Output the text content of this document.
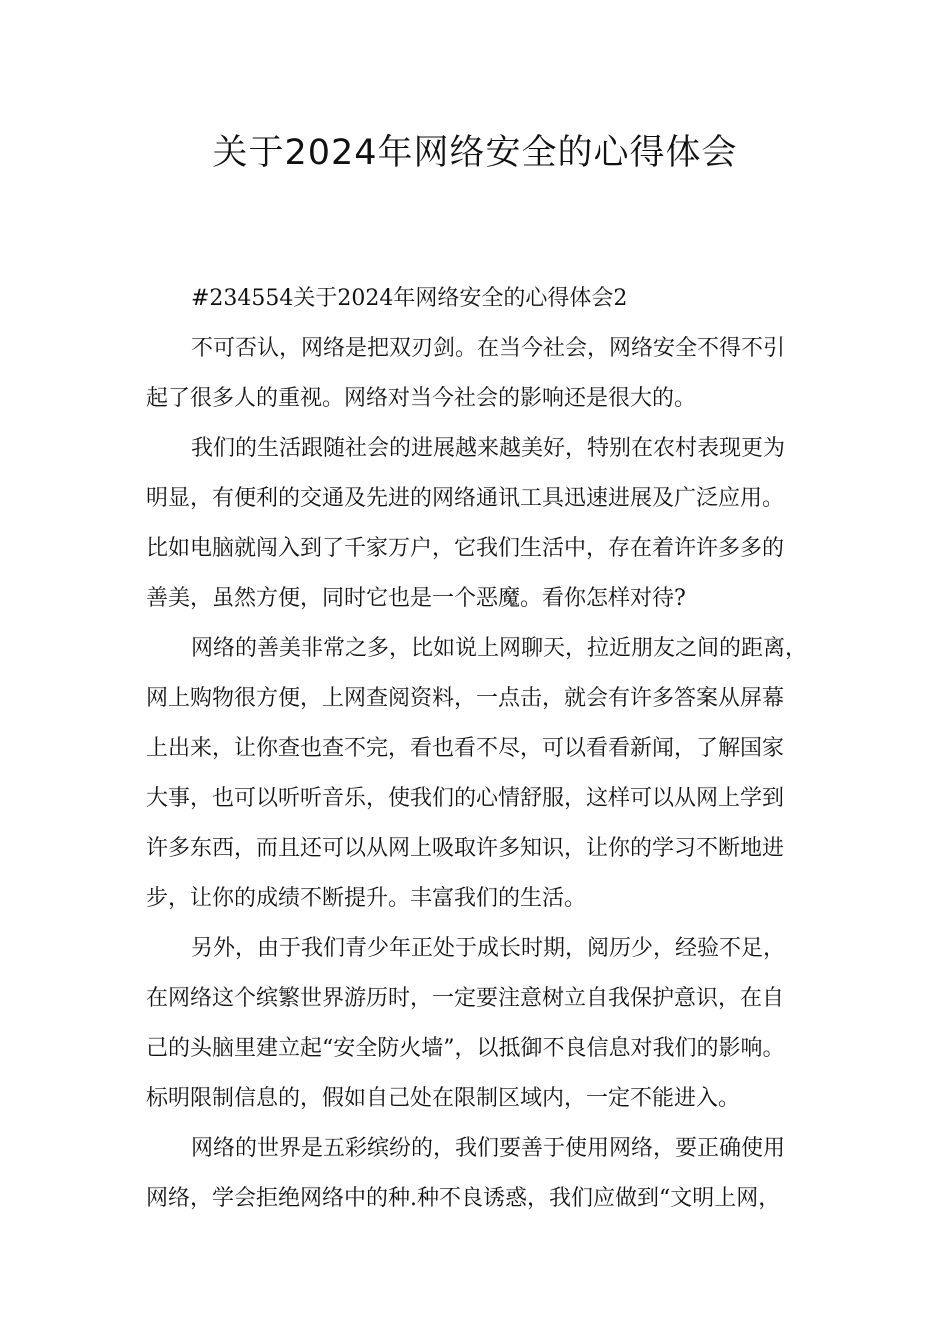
关于2024年网络安全的心得体会

#234554关于2024年网络安全的心得体会2

不可否认，网络是把双刃剑。在当今社会，网络安全不得不引

起了很多人的重视。网络对当今社会的影响还是很大的。

我们的生活跟随社会的进展越来越美好，特别在农村表现更为

明显，有便利的交通及先进的网络通讯工具迅速进展及广泛应用。

比如电脑就闯入到了千家万户，它我们生活中，存在着许许多多的

善美，虽然方便，同时它也是一个恶魔。看你怎样对待?

网络的善美非常之多，比如说上网聊天，拉近朋友之间的距离，

网上购物很方便，上网查阅资料，一点击，就会有许多答案从屏幕

上出来，让你查也查不完，看也看不尽，可以看看新闻，了解国家

大事，也可以听听音乐，使我们的心情舒服，这样可以从网上学到

许多东西，而且还可以从网上吸取许多知识，让你的学习不断地进

步，让你的成绩不断提升。丰富我们的生活。

另外，由于我们青少年正处于成长时期，阅历少，经验不足，

在网络这个缤繁世界游历时，一定要注意树立自我保护意识，在自

己的头脑里建立起“安全防火墙”，以抵御不良信息对我们的影响。

标明限制信息的，假如自己处在限制区域内，一定不能进入。

网络的世界是五彩缤纷的，我们要善于使用网络，要正确使用

网络，学会拒绝网络中的种.种不良诱惑，我们应做到“文明上网，
